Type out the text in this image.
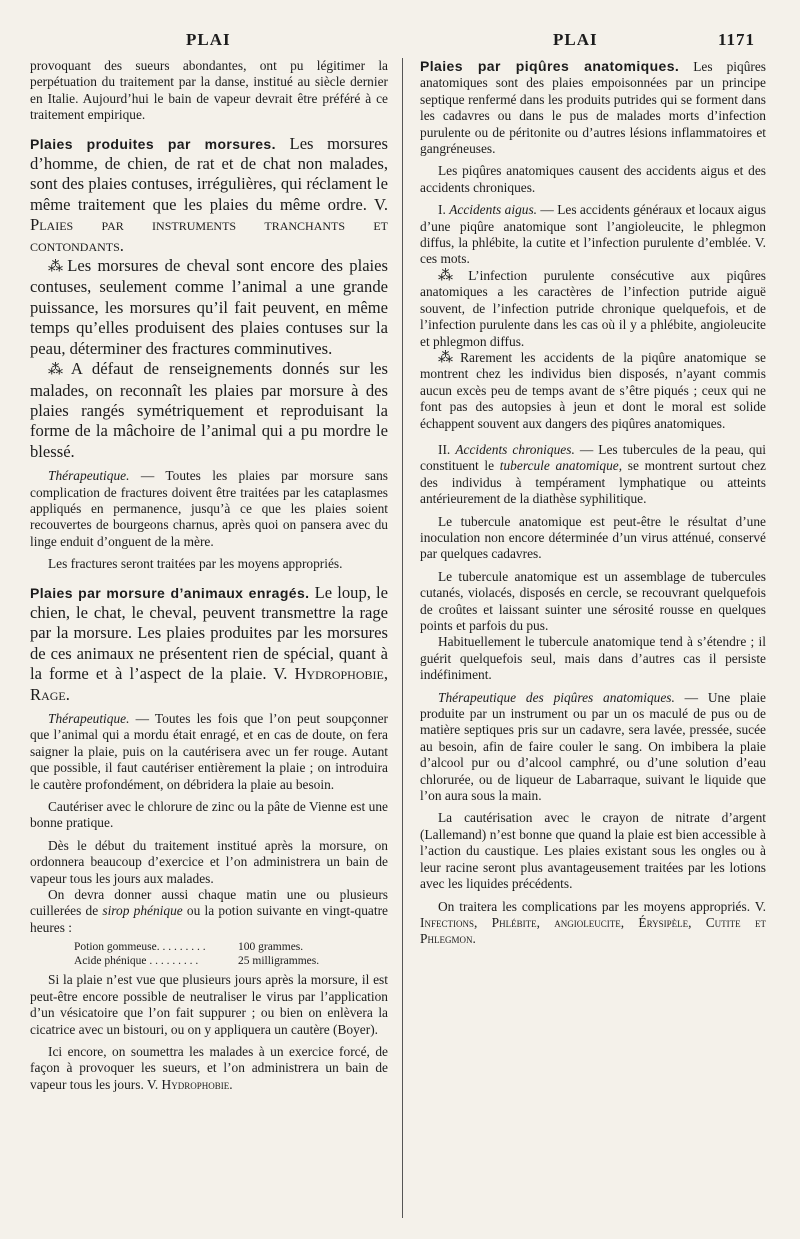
PLAI	PLAI	1171

provoquant des sueurs abondantes, ont pu légitimer la perpétuation du traitement par la danse, institué au siècle dernier en Italie. Aujourd’hui le bain de vapeur devrait être préféré à ce traitement empirique.

Plaies produites par morsures. Les morsures d’homme, de chien, de rat et de chat non malades, sont des plaies contuses, irrégulières, qui réclament le même traitement que les plaies du même ordre. V. Plaies par instruments tranchants et contondants.

⁂ Les morsures de cheval sont encore des plaies contuses, seulement comme l’animal a une grande puissance, les morsures qu’il fait peuvent, en même temps qu’elles produisent des plaies contuses sur la peau, déterminer des fractures comminutives.

⁂ A défaut de renseignements donnés sur les malades, on reconnaît les plaies par morsure à des plaies rangés symétriquement et reproduisant la forme de la mâchoire de l’animal qui a pu mordre le blessé.

Thérapeutique. — Toutes les plaies par morsure sans complication de fractures doivent être traitées par les cataplasmes appliqués en permanence, jusqu’à ce que les plaies soient recouvertes de bourgeons charnus, après quoi on pansera avec du linge enduit d’onguent de la mère.

Les fractures seront traitées par les moyens appropriés.

Plaies par morsure d’animaux enragés. Le loup, le chien, le chat, le cheval, peuvent transmettre la rage par la morsure. Les plaies produites par les morsures de ces animaux ne présentent rien de spécial, quant à la forme et à l’aspect de la plaie. V. Hydrophobie, Rage.

Thérapeutique. — Toutes les fois que l’on peut soupçonner que l’animal qui a mordu était enragé, et en cas de doute, on fera saigner la plaie, puis on la cautérisera avec un fer rouge. Autant que possible, il faut cautériser entièrement la plaie ; on introduira le cautère profondément, on débridera la plaie au besoin.

Cautériser avec le chlorure de zinc ou la pâte de Vienne est une bonne pratique.

Dès le début du traitement institué après la morsure, on ordonnera beaucoup d’exercice et l’on administrera un bain de vapeur tous les jours aux malades.

On devra donner aussi chaque matin une ou plusieurs cuillerées de sirop phénique ou la potion suivante en vingt-quatre heures :

Potion gommeuse. . . . . . . . .	100 grammes.
Acide phénique . . . . . . . . .	25 milligrammes.

Si la plaie n’est vue que plusieurs jours après la morsure, il est peut-être encore possible de neutraliser le virus par l’application d’un vésicatoire que l’on fait suppurer ; ou bien on enlèvera la cicatrice avec un bistouri, ou on y appliquera un cautère (Boyer).

Ici encore, on soumettra les malades à un exercice forcé, de façon à provoquer les sueurs, et l’on administrera un bain de vapeur tous les jours. V. Hydrophobie.

Plaies par piqûres anatomiques. Les piqûres anatomiques sont des plaies empoisonnées par un principe septique renfermé dans les produits putrides qui se forment dans les cadavres ou dans le pus de malades morts d’infection purulente ou de péritonite ou d’autres lésions inflammatoires et gangréneuses.

Les piqûres anatomiques causent des accidents aigus et des accidents chroniques.

I. Accidents aigus. — Les accidents généraux et locaux aigus d’une piqûre anatomique sont l’angioleucite, le phlegmon diffus, la phlébite, la cutite et l’infection purulente d’emblée. V. ces mots.

⁂ L’infection purulente consécutive aux piqûres anatomiques a les caractères de l’infection putride aiguë souvent, de l’infection putride chronique quelquefois, et de l’infection purulente dans les cas où il y a phlébite, angioleucite et phlegmon diffus.

⁂ Rarement les accidents de la piqûre anatomique se montrent chez les individus bien disposés, n’ayant commis aucun excès peu de temps avant de s’être piqués ; ceux qui ne font pas des autopsies à jeun et dont le moral est solide échappent souvent aux dangers des piqûres anatomiques.

II. Accidents chroniques. — Les tubercules de la peau, qui constituent le tubercule anatomique, se montrent surtout chez des individus à tempérament lymphatique ou atteints antérieurement de la diathèse syphilitique.

Le tubercule anatomique est peut-être le résultat d’une inoculation non encore déterminée d’un virus atténué, conservé par quelques cadavres.

Le tubercule anatomique est un assemblage de tubercules cutanés, violacés, disposés en cercle, se recouvrant quelquefois de croûtes et laissant suinter une sérosité rousse en quelques points et parfois du pus.

Habituellement le tubercule anatomique tend à s’étendre ; il guérit quelquefois seul, mais dans d’autres cas il persiste indéfiniment.

Thérapeutique des piqûres anatomiques. — Une plaie produite par un instrument ou par un os maculé de pus ou de matière septiques pris sur un cadavre, sera lavée, pressée, sucée au besoin, afin de faire couler le sang. On imbibera la plaie d’alcool pur ou d’alcool camphré, ou d’une solution d’eau chlorurée, ou de liqueur de Labarraque, suivant le liquide que l’on aura sous la main.

La cautérisation avec le crayon de nitrate d’argent (Lallemand) n’est bonne que quand la plaie est bien accessible à l’action du caustique. Les plaies existant sous les ongles ou à leur racine seront plus avantageusement traitées par les lotions avec les liquides précédents.

On traitera les complications par les moyens appropriés. V. Infections, Phlébite, angioleucite, Érysipèle, Cutite et Phlegmon.
